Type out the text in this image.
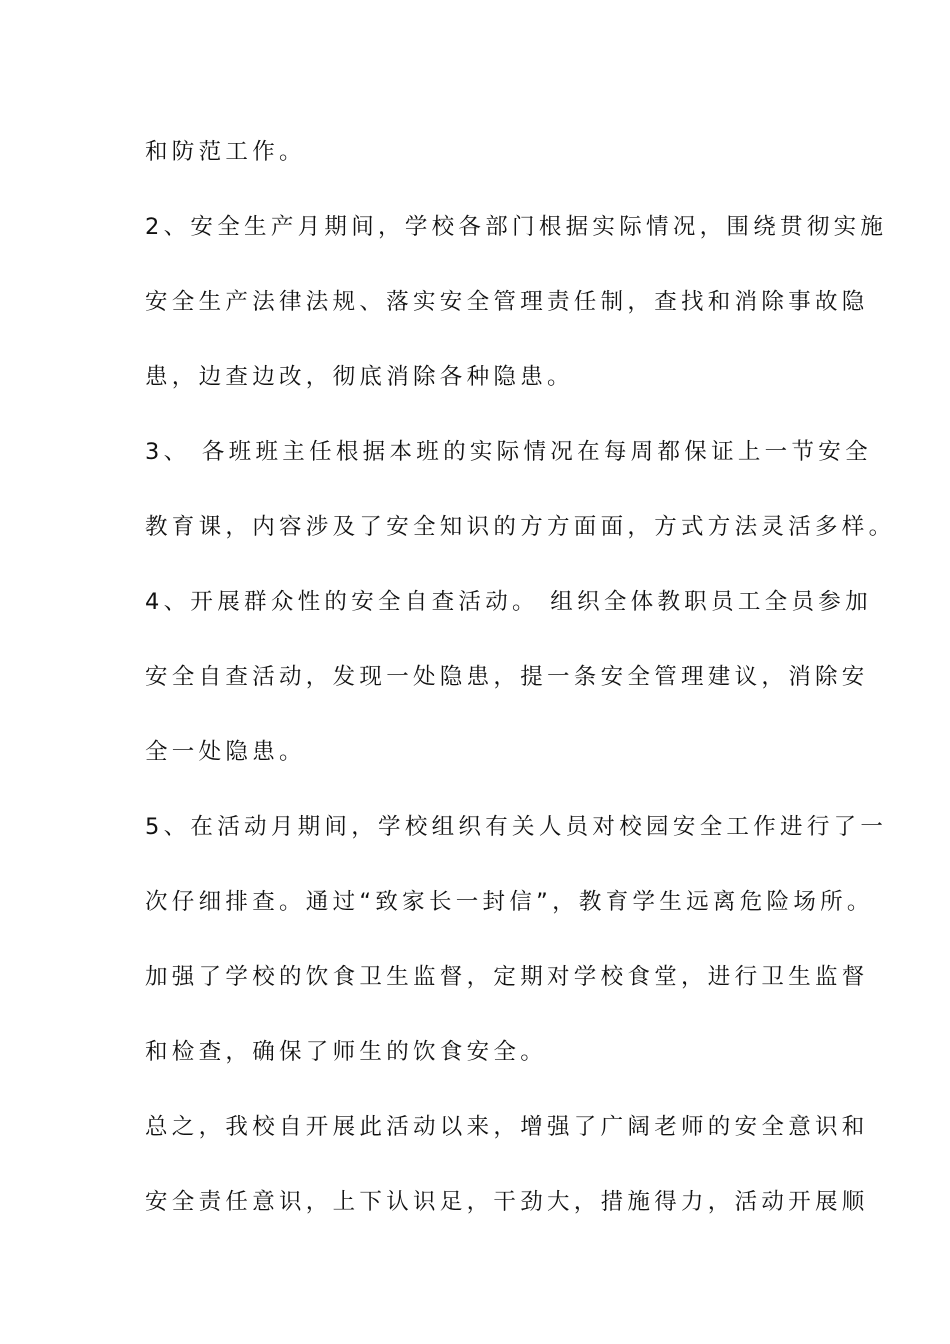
和防范工作。
2、安全生产月期间，学校各部门根据实际情况，围绕贯彻实施
安全生产法律法规、落实安全管理责任制，查找和消除事故隐
患，边查边改，彻底消除各种隐患。
3、 各班班主任根据本班的实际情况在每周都保证上一节安全
教育课，内容涉及了安全知识的方方面面，方式方法灵活多样。
4、开展群众性的安全自查活动。 组织全体教职员工全员参加
安全自查活动，发现一处隐患，提一条安全管理建议，消除安
全一处隐患。
5、在活动月期间，学校组织有关人员对校园安全工作进行了一
次仔细排查。通过“致家长一封信”，教育学生远离危险场所。
加强了学校的饮食卫生监督，定期对学校食堂，进行卫生监督
和检查，确保了师生的饮食安全。
总之，我校自开展此活动以来，增强了广阔老师的安全意识和
安全责任意识，上下认识足，干劲大，措施得力，活动开展顺
